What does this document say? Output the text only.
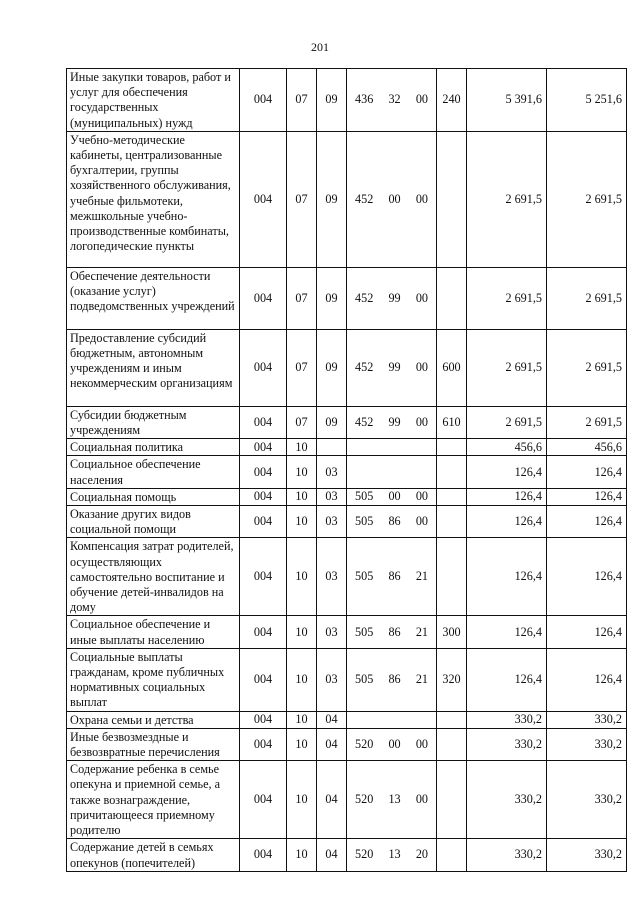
201
Иные закупки товаров, работ и услуг для обеспечения государственных (муниципальных) нужд	004	07	09	436 32 00	240	5 391,6	5 251,6
Учебно-методические кабинеты, централизованные бухгалтерии, группы хозяйственного обслуживания, учебные фильмотеки, межшкольные учебно-производственные комбинаты, логопедические пункты	004	07	09	452 00 00		2 691,5	2 691,5
Обеспечение деятельности (оказание услуг) подведомственных учреждений	004	07	09	452 99 00		2 691,5	2 691,5
Предоставление субсидий бюджетным, автономным учреждениям и иным некоммерческим организациям	004	07	09	452 99 00	600	2 691,5	2 691,5
Субсидии бюджетным учреждениям	004	07	09	452 99 00	610	2 691,5	2 691,5
Социальная политика	004	10				456,6	456,6
Социальное обеспечение населения	004	10	03			126,4	126,4
Социальная помощь	004	10	03	505 00 00		126,4	126,4
Оказание других видов социальной помощи	004	10	03	505 86 00		126,4	126,4
Компенсация затрат родителей, осуществляющих самостоятельно воспитание и обучение детей-инвалидов на дому	004	10	03	505 86 21		126,4	126,4
Социальное обеспечение и иные выплаты населению	004	10	03	505 86 21	300	126,4	126,4
Социальные выплаты гражданам, кроме публичных нормативных социальных выплат	004	10	03	505 86 21	320	126,4	126,4
Охрана семьи и детства	004	10	04			330,2	330,2
Иные безвозмездные и безвозвратные перечисления	004	10	04	520 00 00		330,2	330,2
Содержание ребенка в семье опекуна и приемной семье, а также вознаграждение, причитающееся приемному родителю	004	10	04	520 13 00		330,2	330,2
Содержание детей в семьях опекунов (попечителей)	004	10	04	520 13 20		330,2	330,2
